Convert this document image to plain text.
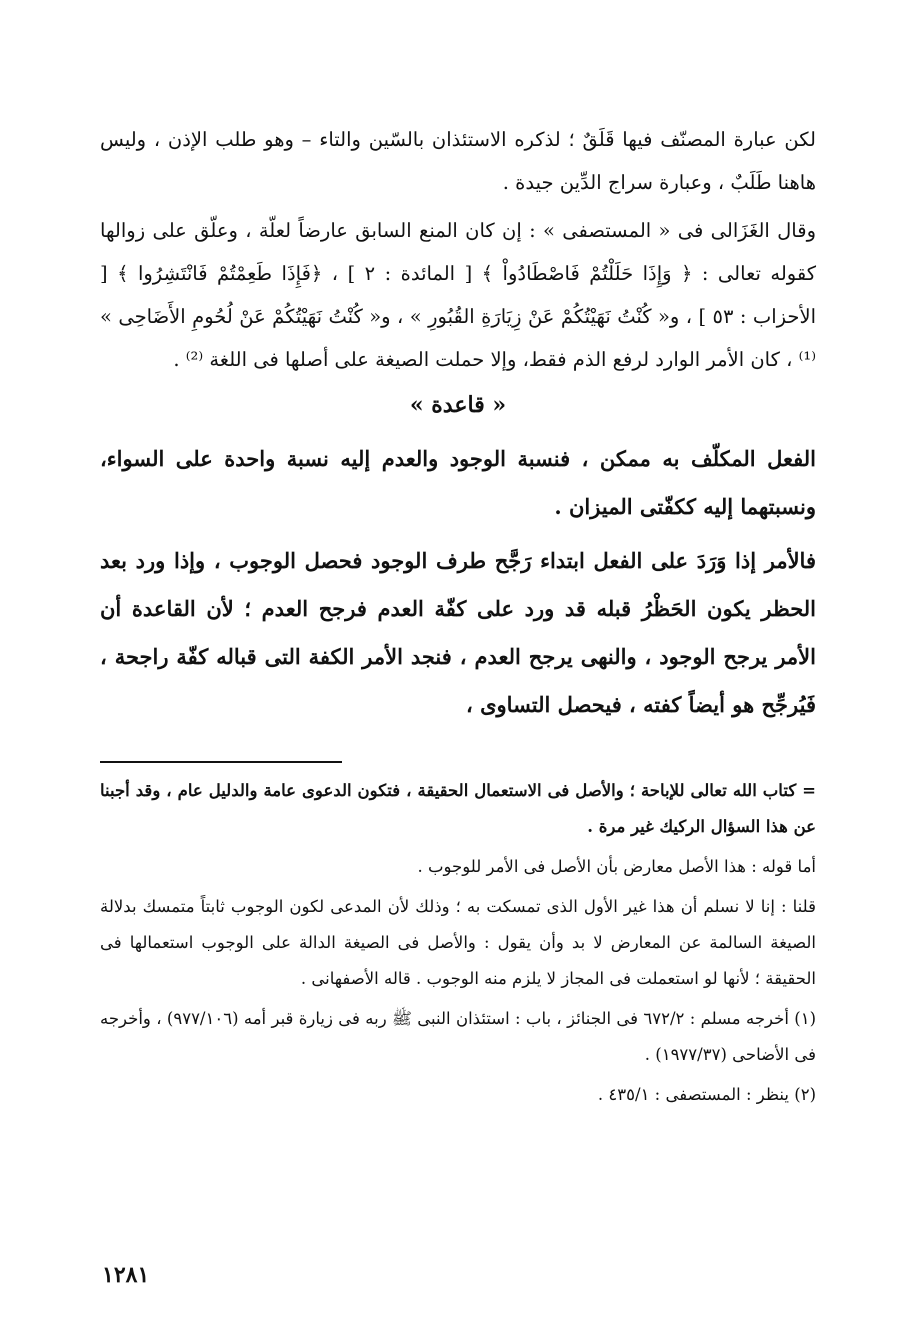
لكن عبارة المصنّف فيها قَلَقٌ ؛ لذكره الاستئذان بالسّين والتاء – وهو طلب الإذن ، وليس هاهنا طَلَبٌ ، وعبارة سراج الدِّين جيدة .

وقال الغَزَالى فى « المستصفى » : إن كان المنع السابق عارضاً لعلّة ، وعلّق على زوالها كقوله تعالى : ﴿ وَإِذَا حَلَلْتُمْ فَاصْطَادُواْ ﴾ [ المائدة : ٢ ] ، ﴿فَإِذَا طَعِمْتُمْ فَانْتَشِرُوا ﴾ [ الأحزاب : ٥٣ ] ، و« كُنْتُ نَهَيْتُكُمْ عَنْ زِيَارَةِ القُبُورِ » ، و« كُنْتُ نَهَيْتُكُمْ عَنْ لُحُومِ الأَضَاحِى » ⁽¹⁾ ، كان الأمر الوارد لرفع الذم فقط، وإلا حملت الصيغة على أصلها فى اللغة ⁽²⁾ .

« قاعدة »

الفعل المكلّف به ممكن ، فنسبة الوجود والعدم إليه نسبة واحدة على السواء، ونسبتهما إليه ككفّتى الميزان .

فالأمر إذا وَرَدَ على الفعل ابتداء رَجَّح طرف الوجود فحصل الوجوب ، وإذا ورد بعد الحظر يكون الحَظْرُ قبله قد ورد على كفّة العدم فرجح العدم ؛ لأن القاعدة أن الأمر يرجح الوجود ، والنهى يرجح العدم ، فنجد الأمر الكفة التى قباله كفّة راجحة ، فَيُرجِّح هو أيضاً كفته ، فيحصل التساوى ،

= كتاب الله تعالى للإباحة ؛ والأصل فى الاستعمال الحقيقة ، فتكون الدعوى عامة والدليل عام ، وقد أجبنا عن هذا السؤال الركيك غير مرة .

أما قوله : هذا الأصل معارض بأن الأصل فى الأمر للوجوب .

قلنا : إنا لا نسلم أن هذا غير الأول الذى تمسكت به ؛ وذلك لأن المدعى لكون الوجوب ثابتاً متمسك بدلالة الصيغة السالمة عن المعارض لا بد وأن يقول : والأصل فى الصيغة الدالة على الوجوب استعمالها فى الحقيقة ؛ لأنها لو استعملت فى المجاز لا يلزم منه الوجوب . قاله الأصفهانى .

(١) أخرجه مسلم : ٦٧٢/٢ فى الجنائز ، باب : استئذان النبى ﷺ ربه فى زيارة قبر أمه (٩٧٧/١٠٦) ، وأخرجه فى الأضاحى (١٩٧٧/٣٧) .

(٢) ينظر : المستصفى : ٤٣٥/١ .

١٢٨١
